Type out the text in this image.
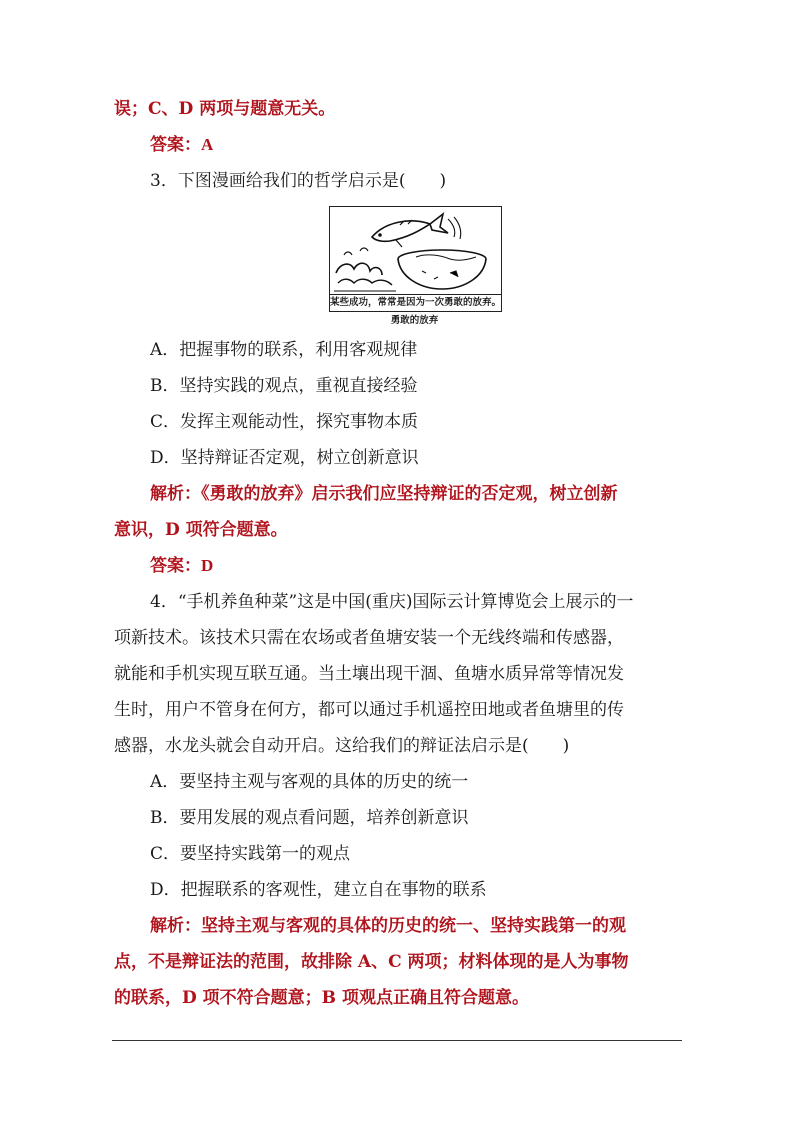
误；C、D 两项与题意无关。
答案：A
3．下图漫画给我们的哲学启示是(　　)
某些成功，常常是因为一次勇敢的放弃。
勇敢的放弃
A．把握事物的联系，利用客观规律
B．坚持实践的观点，重视直接经验
C．发挥主观能动性，探究事物本质
D．坚持辩证否定观，树立创新意识
解析：《勇敢的放弃》启示我们应坚持辩证的否定观，树立创新
意识，D 项符合题意。
答案：D
4．“手机养鱼种菜”这是中国(重庆)国际云计算博览会上展示的一
项新技术。该技术只需在农场或者鱼塘安装一个无线终端和传感器，
就能和手机实现互联互通。当土壤出现干涸、鱼塘水质异常等情况发
生时，用户不管身在何方，都可以通过手机遥控田地或者鱼塘里的传
感器，水龙头就会自动开启。这给我们的辩证法启示是(　　)
A．要坚持主观与客观的具体的历史的统一
B．要用发展的观点看问题，培养创新意识
C．要坚持实践第一的观点
D．把握联系的客观性，建立自在事物的联系
解析：坚持主观与客观的具体的历史的统一、坚持实践第一的观
点，不是辩证法的范围，故排除 A、C 两项；材料体现的是人为事物
的联系，D 项不符合题意；B 项观点正确且符合题意。
